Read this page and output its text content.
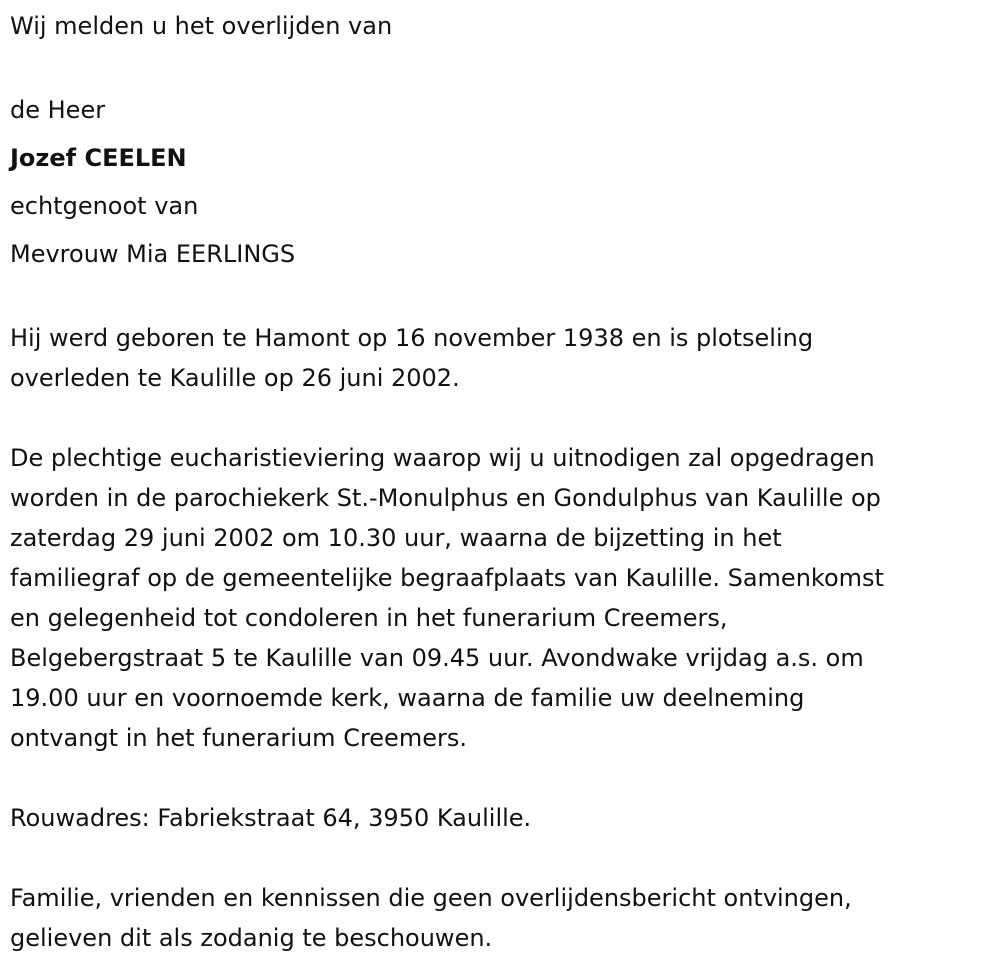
Wij melden u het overlijden van
de Heer
Jozef CEELEN
echtgenoot van
Mevrouw Mia EERLINGS
Hij werd geboren te Hamont op 16 november 1938 en is plotseling
overleden te Kaulille op 26 juni 2002.
De plechtige eucharistieviering waarop wij u uitnodigen zal opgedragen
worden in de parochiekerk St.-Monulphus en Gondulphus van Kaulille op
zaterdag 29 juni 2002 om 10.30 uur, waarna de bijzetting in het
familiegraf op de gemeentelijke begraafplaats van Kaulille. Samenkomst
en gelegenheid tot condoleren in het funerarium Creemers,
Belgebergstraat 5 te Kaulille van 09.45 uur. Avondwake vrijdag a.s. om
19.00 uur en voornoemde kerk, waarna de familie uw deelneming
ontvangt in het funerarium Creemers.
Rouwadres: Fabriekstraat 64, 3950 Kaulille.
Familie, vrienden en kennissen die geen overlijdensbericht ontvingen,
gelieven dit als zodanig te beschouwen.
